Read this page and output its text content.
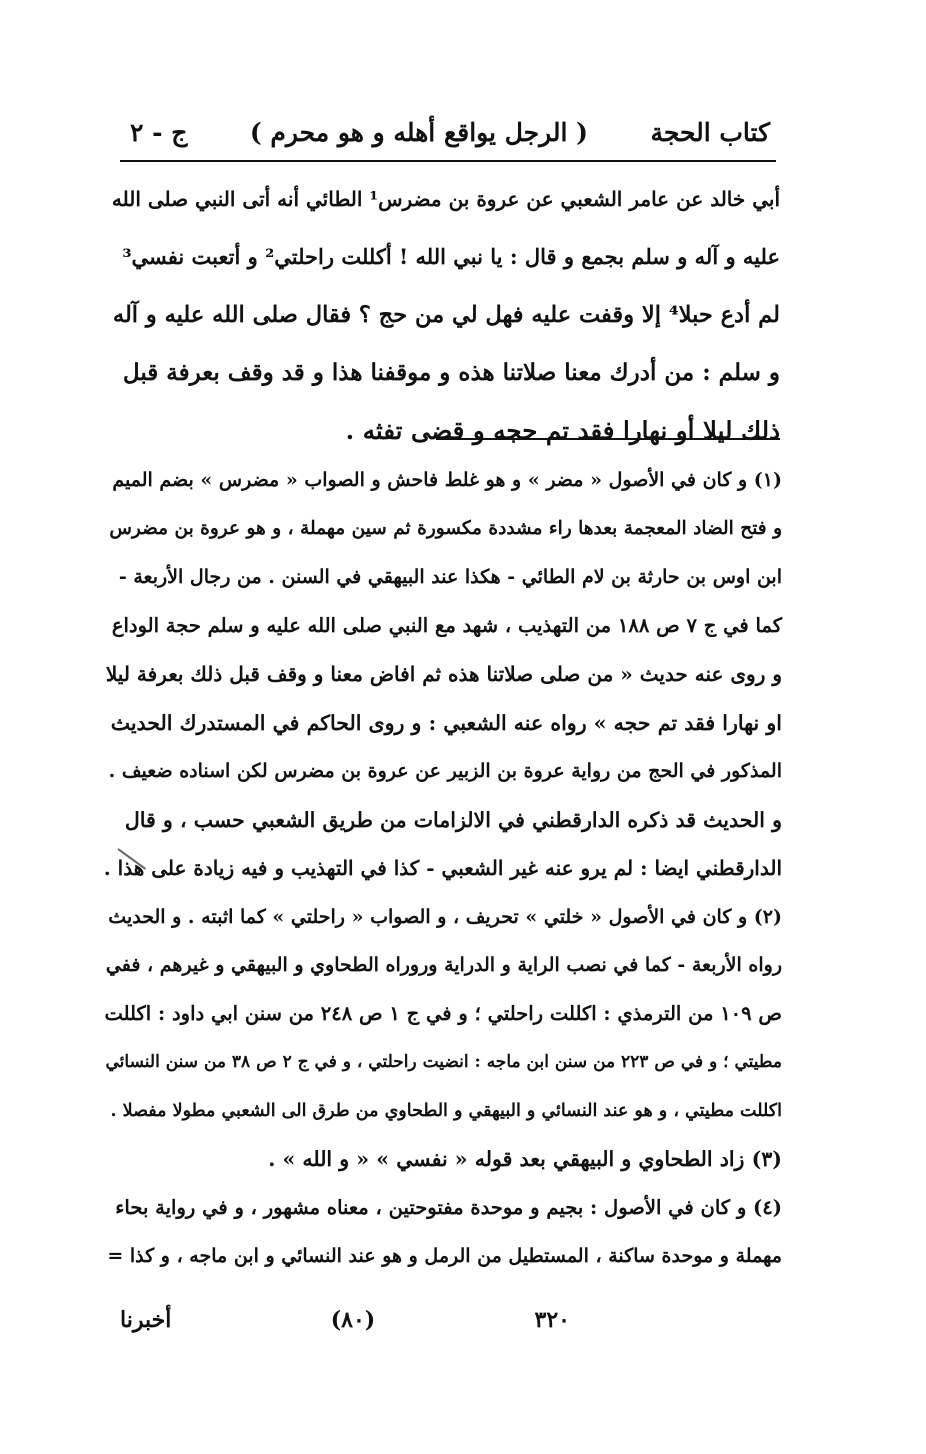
كتاب الحجة
( الرجل يواقع أهله و هو محرم )
ج - ٢

أبي خالد عن عامر الشعبي عن عروة بن مضرس¹ الطائي أنه أتى النبي صلى الله

عليه و آله و سلم بجمع و قال : يا نبي الله ! أكللت راحلتي² و أتعبت نفسي³

لم أدع حبلا⁴ إلا وقفت عليه فهل لي من حج ؟ فقال صلى الله عليه و آله

و سلم : من أدرك معنا صلاتنا هذه و موقفنا هذا و قد وقف بعرفة قبل

ذلك ليلا أو نهارا فقد تم حجه و قضى تفثه .

(١) و كان في الأصول « مضر » و هو غلط فاحش و الصواب « مضرس » بضم الميم

و فتح الضاد المعجمة بعدها راء مشددة مكسورة ثم سين مهملة ، و هو عروة بن مضرس

ابن اوس بن حارثة بن لام الطائي - هكذا عند البيهقي في السنن . من رجال الأربعة -

كما في ج ٧ ص ١٨٨ من التهذيب ، شهد مع النبي صلى الله عليه و سلم حجة الوداع

و روى عنه حديث « من صلى صلاتنا هذه ثم افاض معنا و وقف قبل ذلك بعرفة ليلا

او نهارا فقد تم حجه » رواه عنه الشعبي : و روى الحاكم في المستدرك الحديث

المذكور في الحج من رواية عروة بن الزبير عن عروة بن مضرس لكن اسناده ضعيف .

و الحديث قد ذكره الدارقطني في الالزامات من طريق الشعبي حسب ، و قال

الدارقطني ايضا : لم يرو عنه غير الشعبي - كذا في التهذيب و فيه زيادة على هذا .

(٢) و كان في الأصول « خلتي » تحريف ، و الصواب « راحلتي » كما اثبته . و الحديث

رواه الأربعة - كما في نصب الراية و الدراية وروراه الطحاوي و البيهقي و غيرهم ، ففي

ص ١٠٩ من الترمذي : اكللت راحلتي ؛ و في ج ١ ص ٢٤٨ من سنن ابي داود : اكللت

مطيتي ؛ و في ص ٢٢٣ من سنن ابن ماجه : انضيت راحلتي ، و في ج ٢ ص ٣٨ من سنن النسائي

اكللت مطيتي ، و هو عند النسائي و البيهقي و الطحاوي من طرق الى الشعبي مطولا مفصلا .

(٣) زاد الطحاوي و البيهقي بعد قوله « نفسي » « و الله » .

(٤) و كان في الأصول : بجيم و موحدة مفتوحتين ، معناه مشهور ، و في رواية بحاء

مهملة و موحدة ساكنة ، المستطيل من الرمل و هو عند النسائي و ابن ماجه ، و كذا =

٣٢٠
(٨٠)
أخبرنا
